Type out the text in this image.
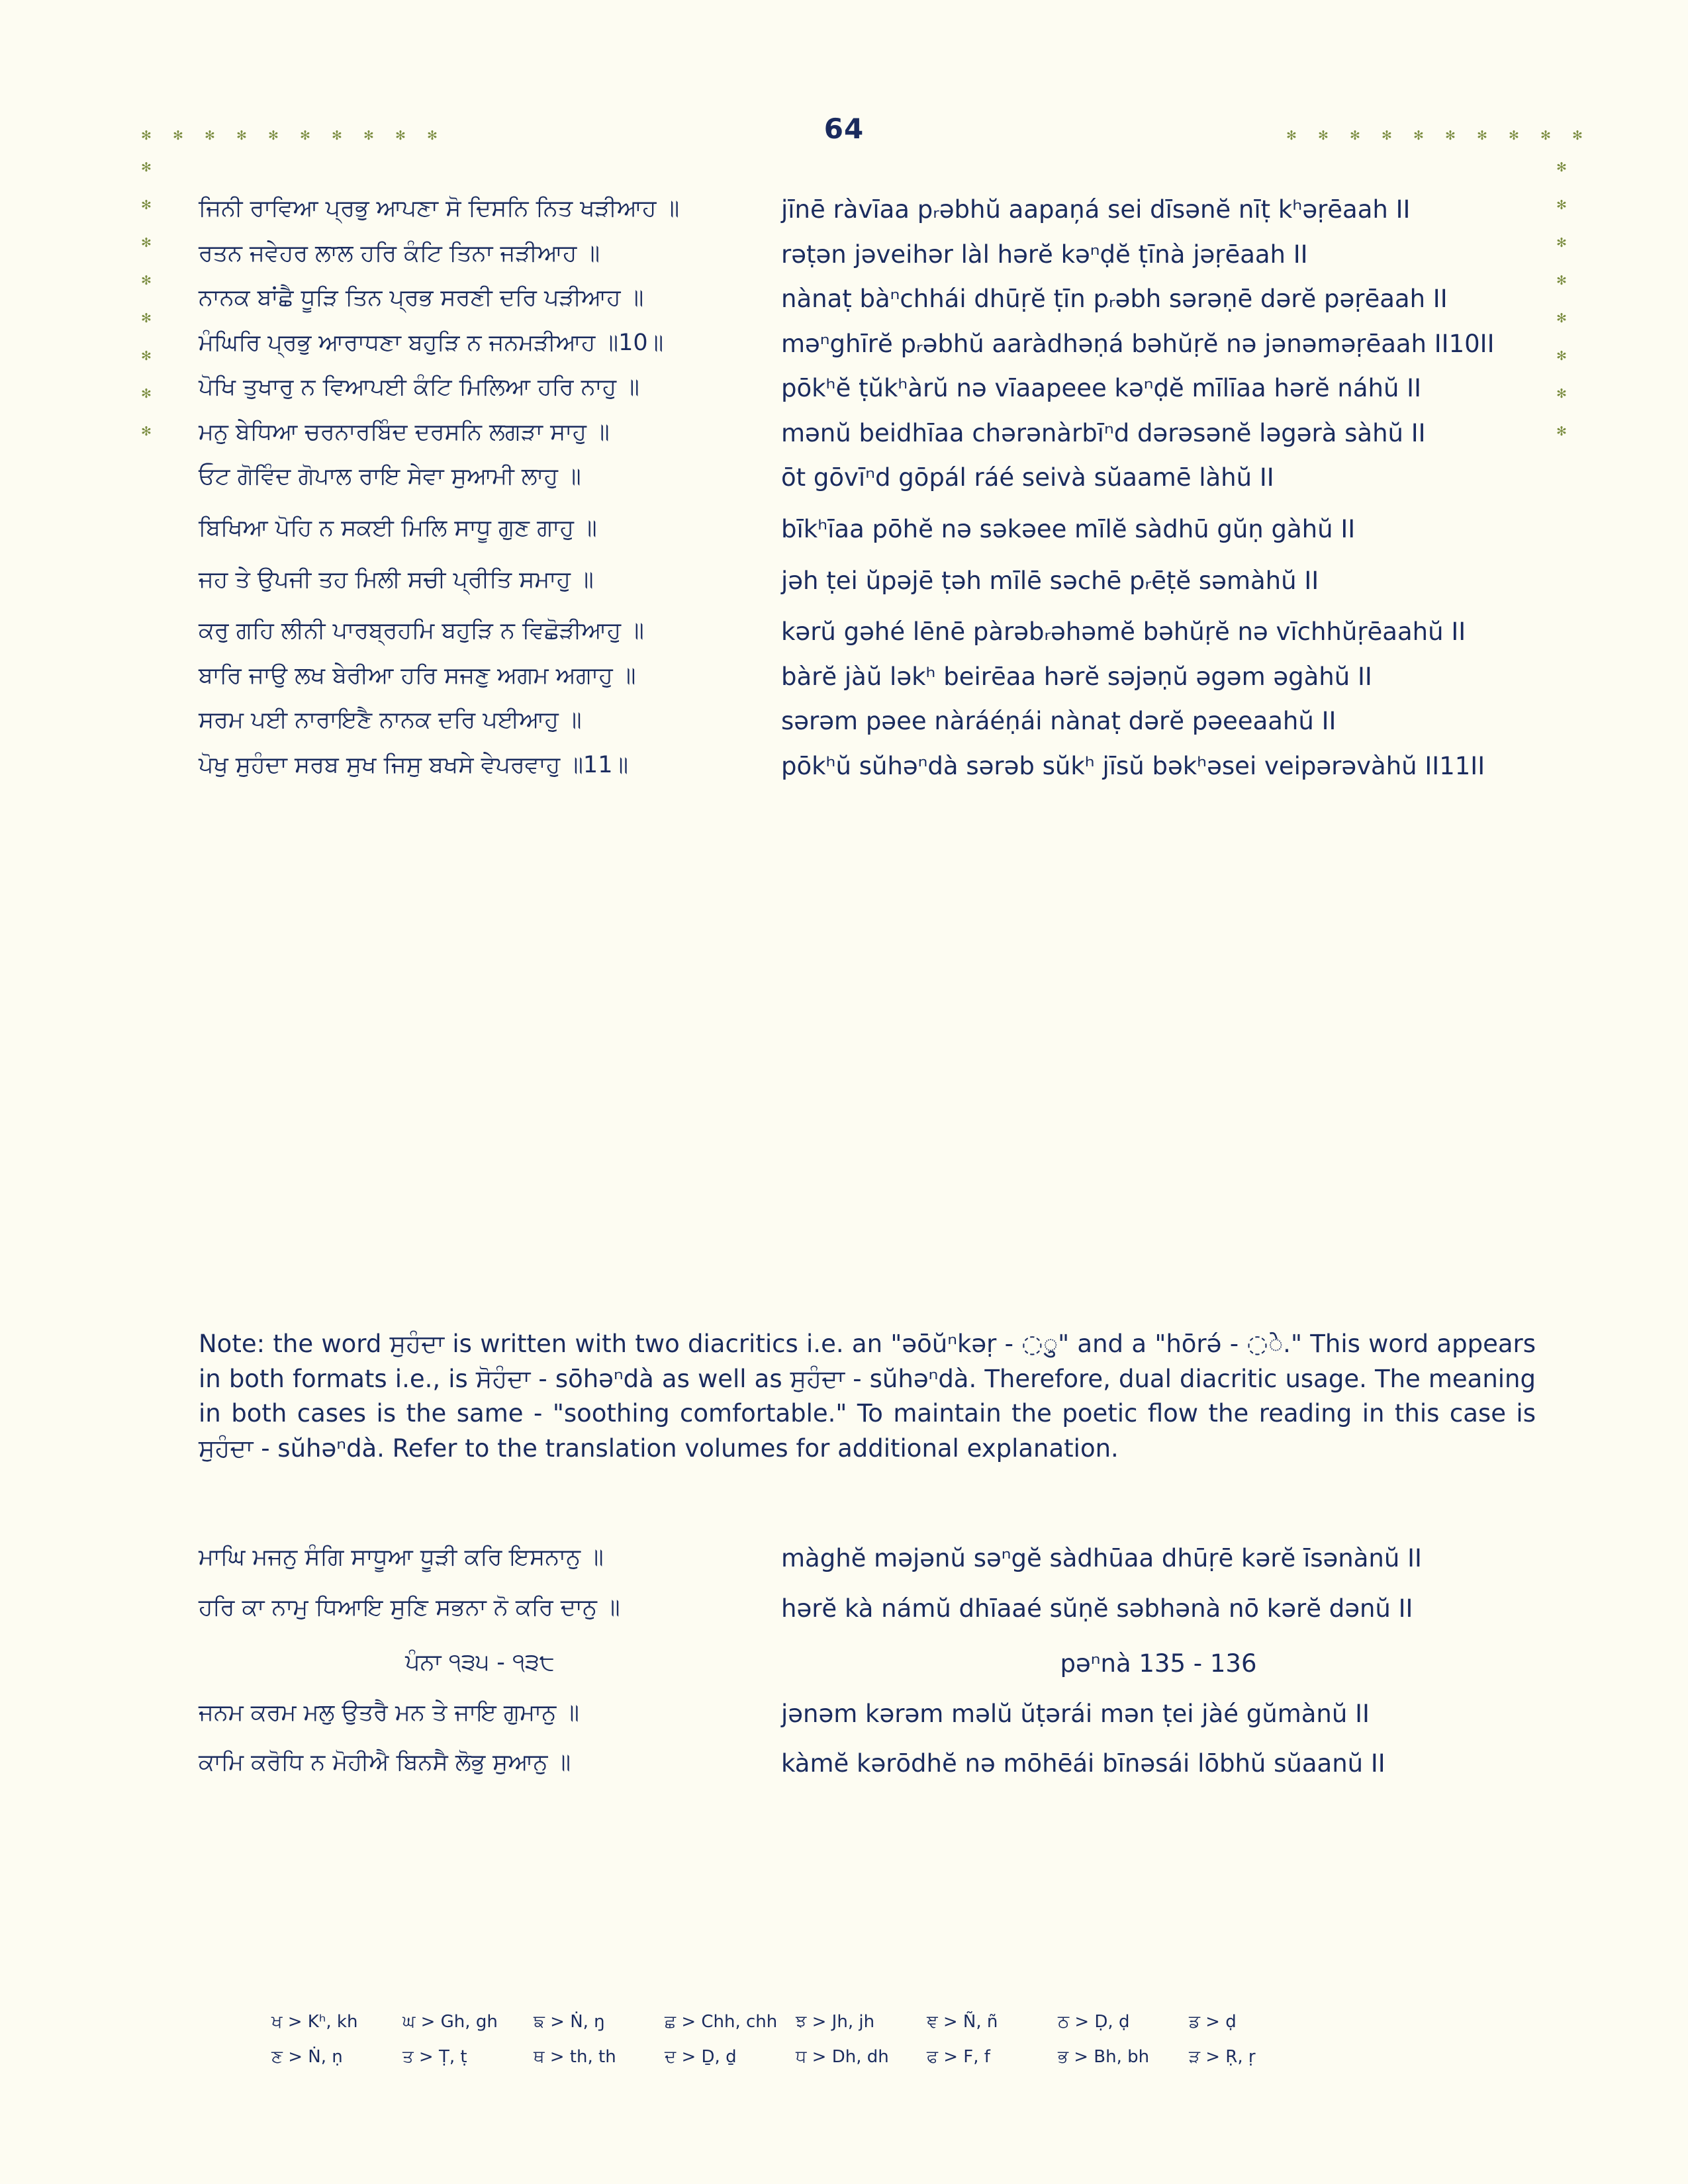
64
✻ ✻ ✻ ✻ ✻ ✻ ✻ ✻ ✻ ✻	✻ ✻ ✻ ✻ ✻ ✻ ✻ ✻ ✻ ✻
✻
✻
✻
✻
✻
✻
✻
✻
✻
✻
✻
✻
✻
✻
✻
✻
ਜਿਨੀ ਰਾਵਿਆ ਪ੍ਰਭੁ ਆਪਣਾ ਸੋ ਦਿਸਨਿ ਨਿਤ ਖੜੀਆਹ ॥	jīnē ràvīaa pᵣəbhŭ aapaņá sei dīsənĕ nīṭ kʰəṛēaah II
ਰਤਨ ਜਵੇਹਰ ਲਾਲ ਹਰਿ ਕੰਟਿ ਤਿਨਾ ਜੜੀਆਹ ॥	rəṭən jəveihər làl hərĕ kəⁿḍĕ ṭīnà jəṛēaah II
ਨਾਨਕ ਬਾਂਛੈ ਧੂੜਿ ਤਿਨ ਪ੍ਰਭ ਸਰਣੀ ਦਰਿ ਪੜੀਆਹ ॥	nànaṭ bàⁿchhái dhūṛĕ ṭīn pᵣəbh sərəṇē dərĕ pəṛēaah II
ਮੰਘਿਰਿ ਪ੍ਰਭੁ ਆਰਾਧਣਾ ਬਹੁੜਿ ਨ ਜਨਮੜੀਆਹ ॥10॥	məⁿghīrĕ pᵣəbhŭ aaràdhəṇá bəhŭṛĕ nə jənəməṛēaah II10II
ਪੋਖਿ ਤੁਖਾਰੁ ਨ ਵਿਆਪਈ ਕੰਟਿ ਮਿਲਿਆ ਹਰਿ ਨਾਹੁ ॥	pōkʰĕ ṭŭkʰàrŭ nə vīaapeee kəⁿḍĕ mīlīaa hərĕ náhŭ II
ਮਨੁ ਬੇਧਿਆ ਚਰਨਾਰਬਿੰਦ ਦਰਸਨਿ ਲਗੜਾ ਸਾਹੁ ॥	mənŭ beidhīaa chərənàrbīⁿd dərəsənĕ ləgərà sàhŭ II
ਓਟ ਗੋਵਿੰਦ ਗੋਪਾਲ ਰਾਇ ਸੇਵਾ ਸੁਆਮੀ ਲਾਹੁ ॥	ōt gōvīⁿd gōpál ráé seivà sŭaamē làhŭ II
ਬਿਖਿਆ ਪੋਹਿ ਨ ਸਕਈ ਮਿਲਿ ਸਾਧੂ ਗੁਣ ਗਾਹੁ ॥	bīkʰīaa pōhĕ nə səkəee mīlĕ sàdhū gŭṇ gàhŭ II
ਜਹ ਤੇ ਉਪਜੀ ਤਹ ਮਿਲੀ ਸਚੀ ਪ੍ਰੀਤਿ ਸਮਾਹੁ ॥	jəh ṭei ŭpəjē ṭəh mīlē səchē pᵣēṭĕ səmàhŭ II
ਕਰੁ ਗਹਿ ਲੀਨੀ ਪਾਰਬ੍ਰਹਮਿ ਬਹੁੜਿ ਨ ਵਿਛੋੜੀਆਹੁ ॥	kərŭ gəhé lēnē pàrəbᵣəhəmĕ bəhŭṛĕ nə vīchhŭṛēaahŭ II
ਬਾਰਿ ਜਾਉ ਲਖ ਬੇਰੀਆ ਹਰਿ ਸਜਣੁ ਅਗਮ ਅਗਾਹੁ ॥	bàrĕ jàŭ ləkʰ beirēaa hərĕ səjəṇŭ əgəm əgàhŭ II
ਸਰਮ ਪਈ ਨਾਰਾਇਣੈ ਨਾਨਕ ਦਰਿ ਪਈਆਹੁ ॥	sərəm pəee nàráéṇái nànaṭ dərĕ pəeeaahŭ II
ਪੋਖੁ ਸੁਹੰਦਾ ਸਰਬ ਸੁਖ ਜਿਸੁ ਬਖਸੇ ਵੇਪਰਵਾਹੁ ॥11॥	pōkʰŭ sŭhəⁿdà sərəb sŭkʰ jīsŭ bəkʰəsei veipərəvàhŭ II11II
Note: the word ਸੁਹੰਦਾ is written with two diacritics i.e. an "əōŭⁿkəṛ - ◌ु" and a "hōrə́ - ◌े." This word appears in both formats i.e., is ਸੋਹੰਦਾ - sōhəⁿdà as well as ਸੁਹੰਦਾ - sŭhəⁿdà. Therefore, dual diacritic usage. The meaning in both cases is the same - "soothing comfortable." To maintain the poetic flow the reading in this case is ਸੁਹੰਦਾ - sŭhəⁿdà. Refer to the translation volumes for additional explanation.
ਮਾਘਿ ਮਜਨੁ ਸੰਗਿ ਸਾਧੂਆ ਧੂੜੀ ਕਰਿ ਇਸਨਾਨੁ ॥	màghĕ məjənŭ səⁿgĕ sàdhūaa dhūṛē kərĕ īsənànŭ II
ਹਰਿ ਕਾ ਨਾਮੁ ਧਿਆਇ ਸੁਣਿ ਸਭਨਾ ਨੋ ਕਰਿ ਦਾਨੁ ॥	hərĕ kà námŭ dhīaaé sŭṇĕ səbhənà nō kərĕ dənŭ II
ਪੰਨਾ ੧੩੫ - ੧੩੮	pəⁿnà 135 - 136
ਜਨਮ ਕਰਮ ਮਲੁ ਉਤਰੈ ਮਨ ਤੇ ਜਾਇ ਗੁਮਾਨੁ ॥	jənəm kərəm məlŭ ŭṭərái mən ṭei jàé gŭmànŭ II
ਕਾਮਿ ਕਰੋਧਿ ਨ ਮੋਹੀਐ ਬਿਨਸੈ ਲੋਭੁ ਸੁਆਨੁ ॥	kàmĕ kərōdhĕ nə mōhēái bīnəsái lōbhŭ sŭaanŭ II
ਖ > Kʰ, kh	ਘ > Gh, gh	ਙ > Ṅ, ŋ	ਛ > Chh, chh	ਝ > Jh, jh	ਞ > Ñ, ñ	ਠ > Ḍ, ḍ	ਡ > ḍ
ਣ > Ṅ, ṇ	ਤ > Ṭ, ṭ	ਥ > th, th	ਦ > Ḏ, ḏ	ਧ > Dh, dh	ਫ > F, f	ਭ > Bh, bh	ੜ > Ṛ, ṛ
